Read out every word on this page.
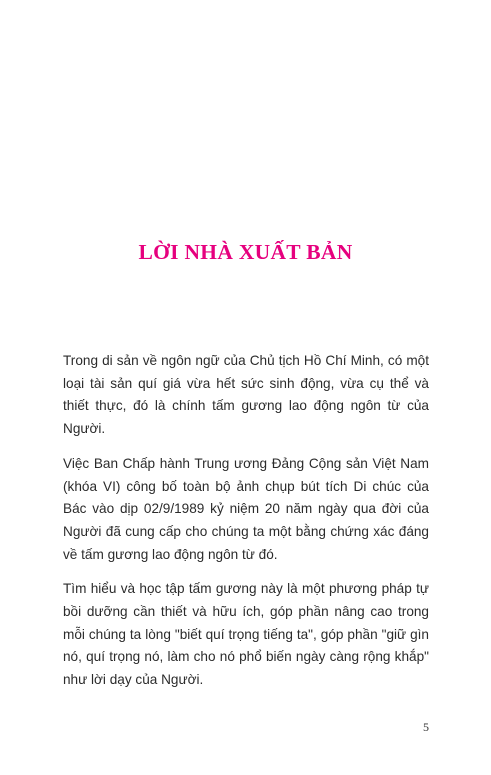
LỜI NHÀ XUẤT BẢN

Trong di sản về ngôn ngữ của Chủ tịch Hồ Chí Minh, có một loại tài sản quí giá vừa hết sức sinh động, vừa cụ thể và thiết thực, đó là chính tấm gương lao động ngôn từ của Người.

Việc Ban Chấp hành Trung ương Đảng Cộng sản Việt Nam (khóa VI) công bố toàn bộ ảnh chụp bút tích Di chúc của Bác vào dịp 02/9/1989 kỷ niệm 20 năm ngày qua đời của Người đã cung cấp cho chúng ta một bằng chứng xác đáng về tấm gương lao động ngôn từ đó.

Tìm hiểu và học tập tấm gương này là một phương pháp tự bồi dưỡng cần thiết và hữu ích, góp phần nâng cao trong mỗi chúng ta lòng "biết quí trọng tiếng ta", góp phần "giữ gìn nó, quí trọng nó, làm cho nó phổ biến ngày càng rộng khắp" như lời dạy của Người.

5
